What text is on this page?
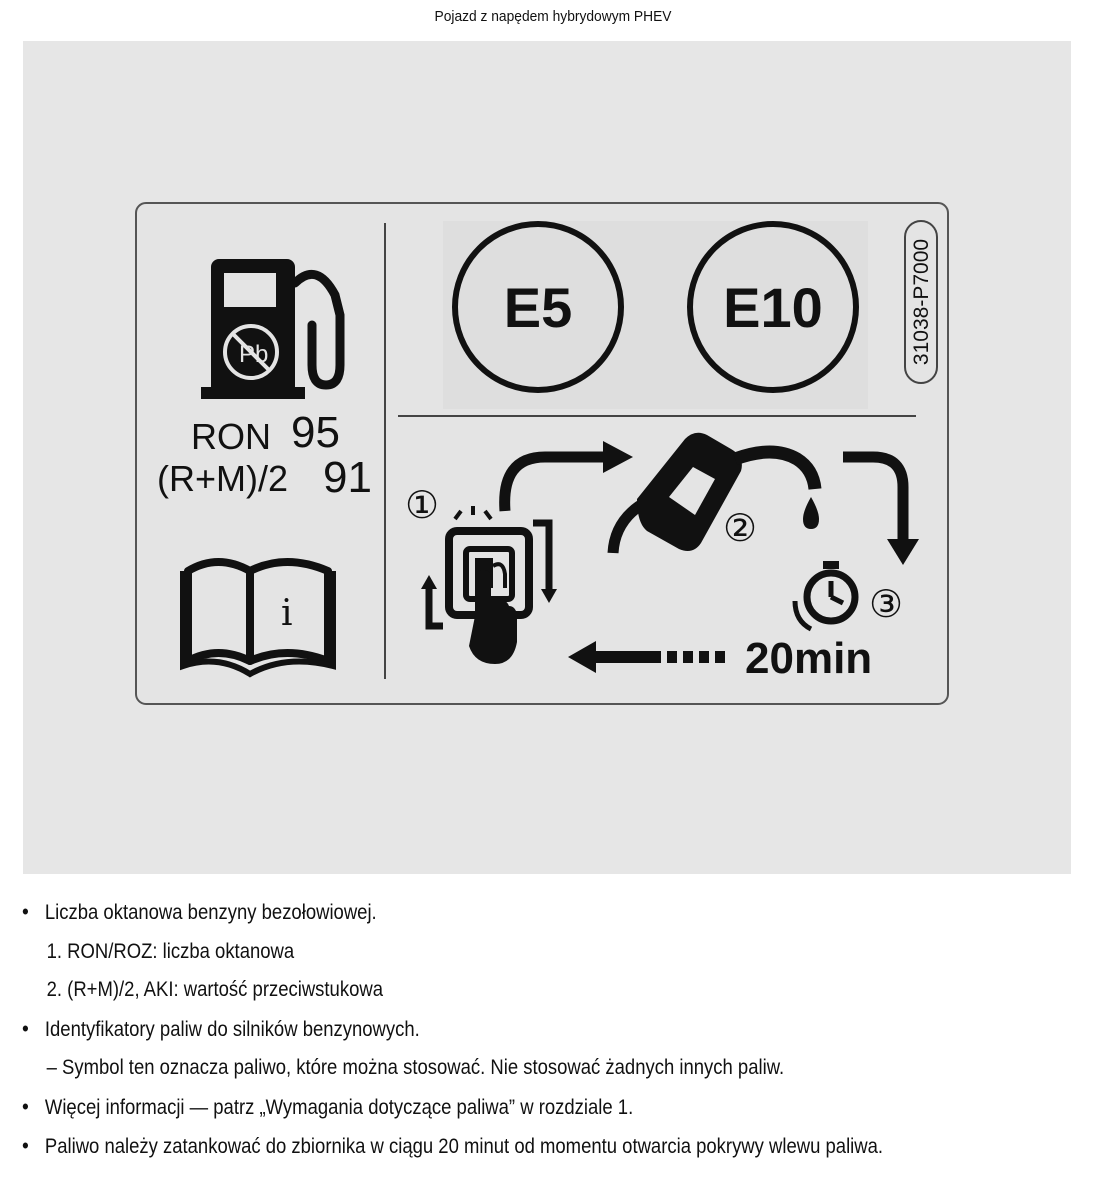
Pojazd z napędem hybrydowym PHEV
Pb
RON 95
(R+M)/2 91
i
E5	E10	31038-P7000
①
②
③
20min
• Liczba oktanowa benzyny bezołowiowej.
1. RON/ROZ: liczba oktanowa
2. (R+M)/2, AKI: wartość przeciwstukowa
• Identyfikatory paliw do silników benzynowych.
– Symbol ten oznacza paliwo, które można stosować. Nie stosować żadnych innych paliw.
• Więcej informacji — patrz „Wymagania dotyczące paliwa” w rozdziale 1.
• Paliwo należy zatankować do zbiornika w ciągu 20 minut od momentu otwarcia pokrywy wlewu paliwa.
